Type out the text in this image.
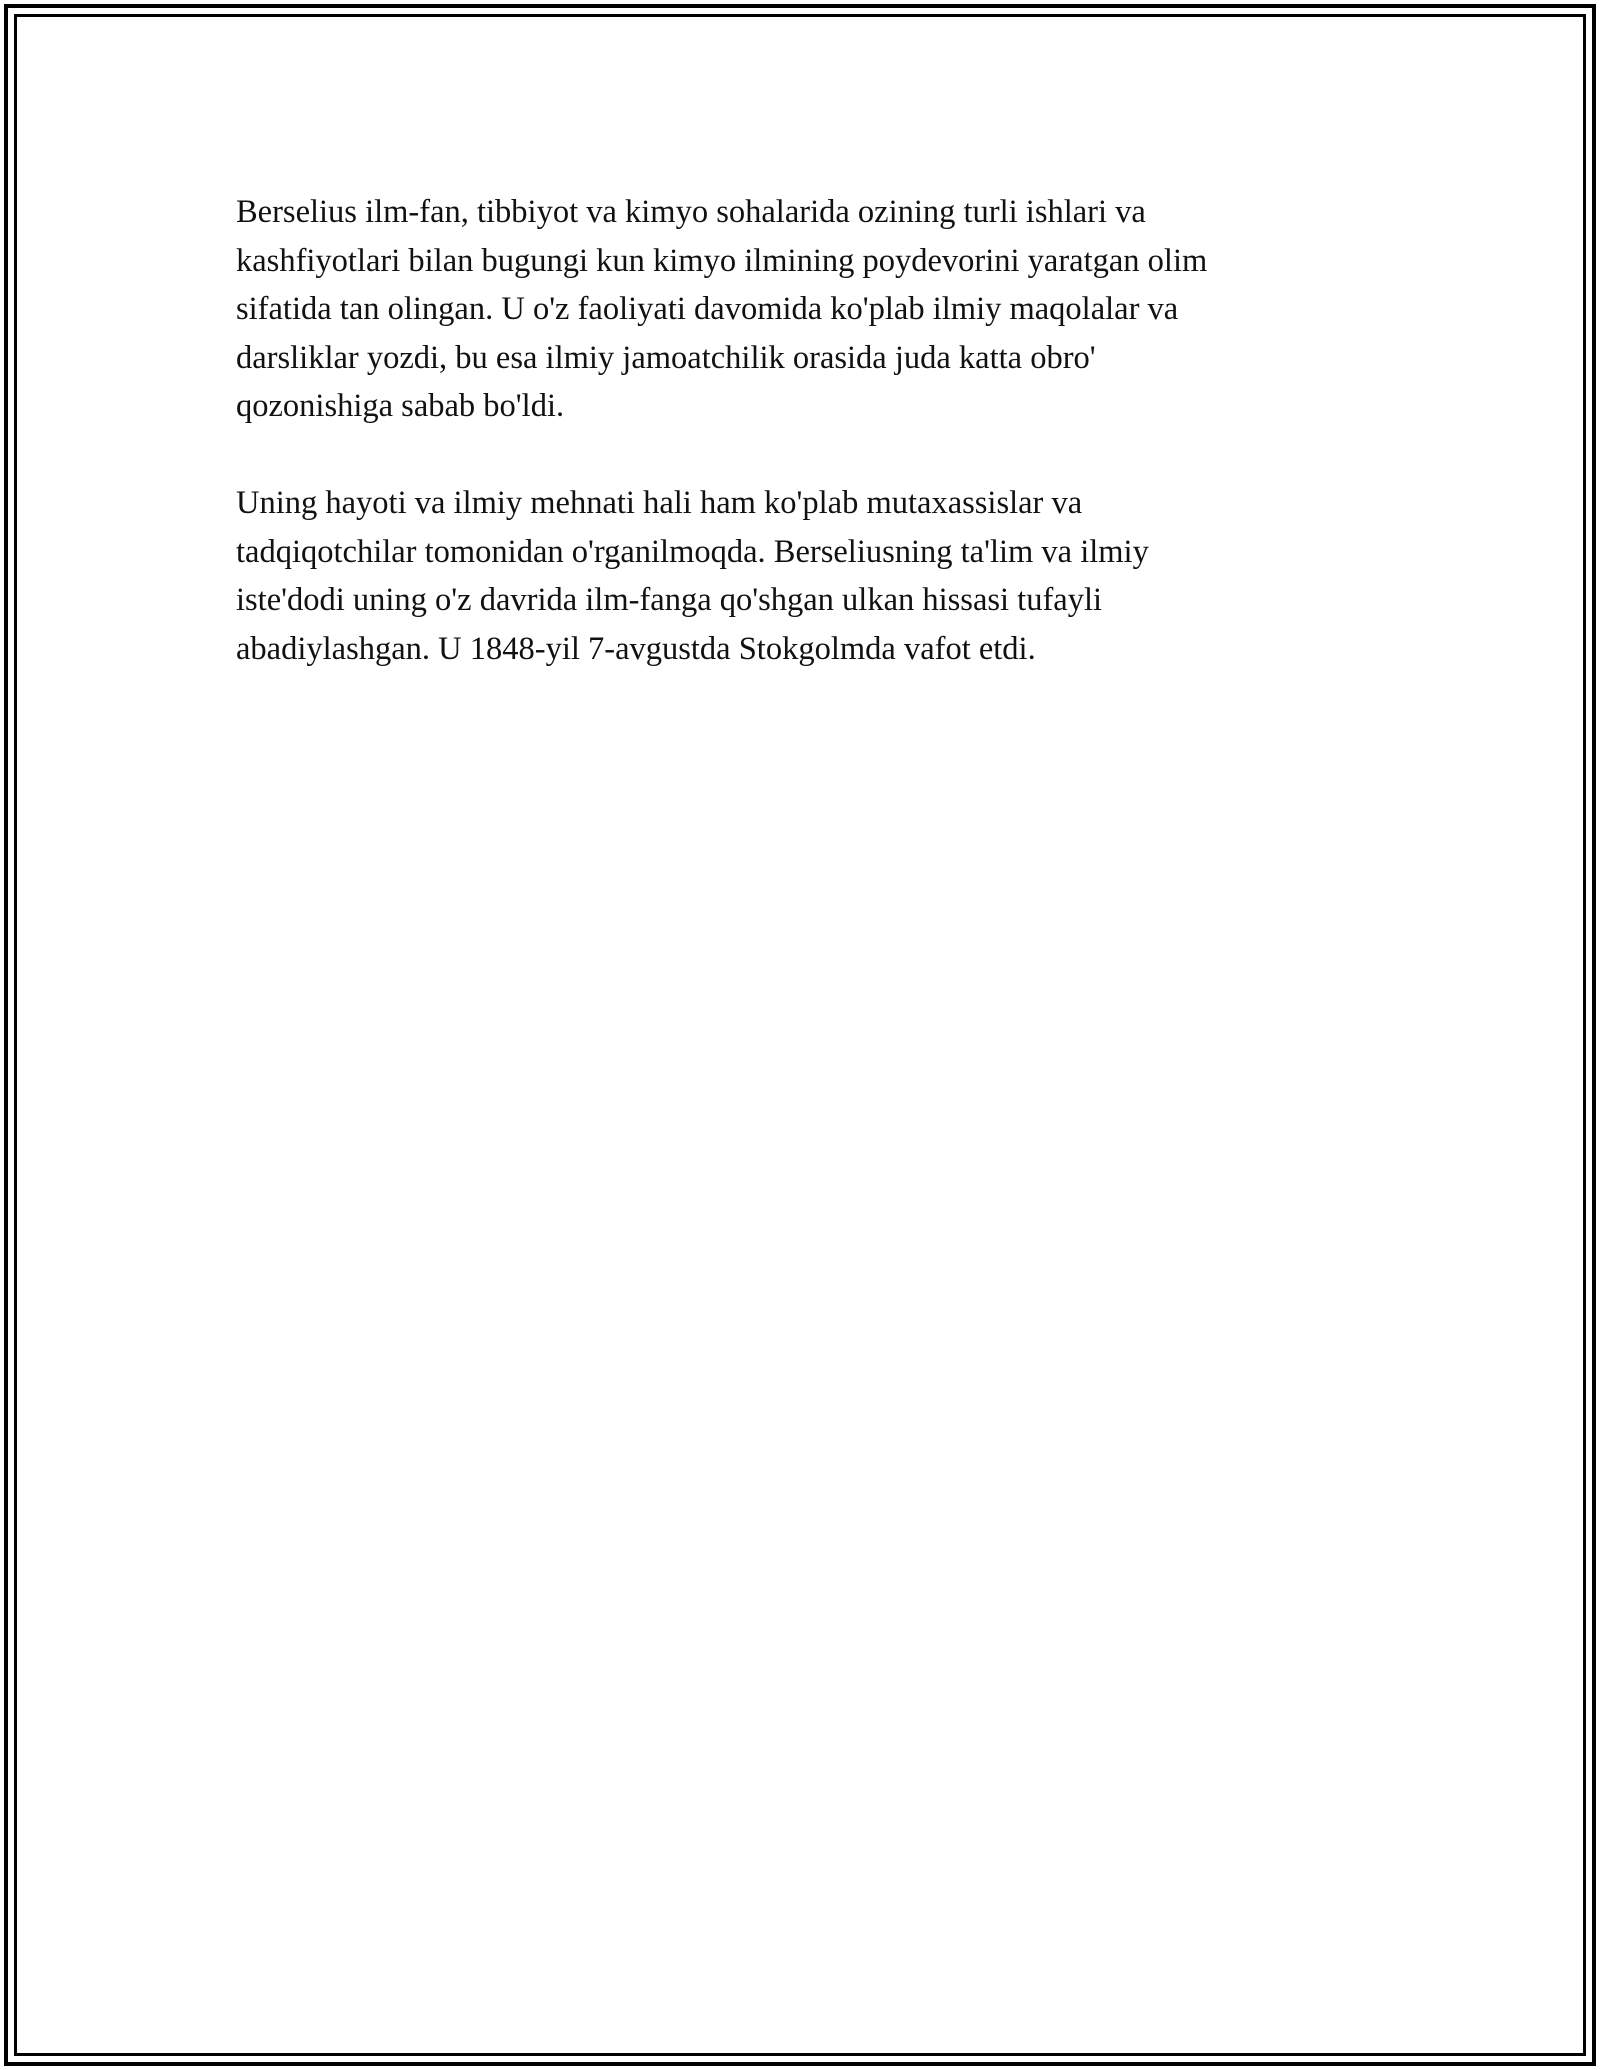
Berselius ilm-fan, tibbiyot va kimyo sohalarida ozining turli ishlari va
kashfiyotlari bilan bugungi kun kimyo ilmining poydevorini yaratgan olim
sifatida tan olingan. U o'z faoliyati davomida ko'plab ilmiy maqolalar va
darsliklar yozdi, bu esa ilmiy jamoatchilik orasida juda katta obro'
qozonishiga sabab bo'ldi.

Uning hayoti va ilmiy mehnati hali ham ko'plab mutaxassislar va
tadqiqotchilar tomonidan o'rganilmoqda. Berseliusning ta'lim va ilmiy
iste'dodi uning o'z davrida ilm-fanga qo'shgan ulkan hissasi tufayli
abadiylashgan. U 1848-yil 7-avgustda Stokgolmda vafot etdi.
